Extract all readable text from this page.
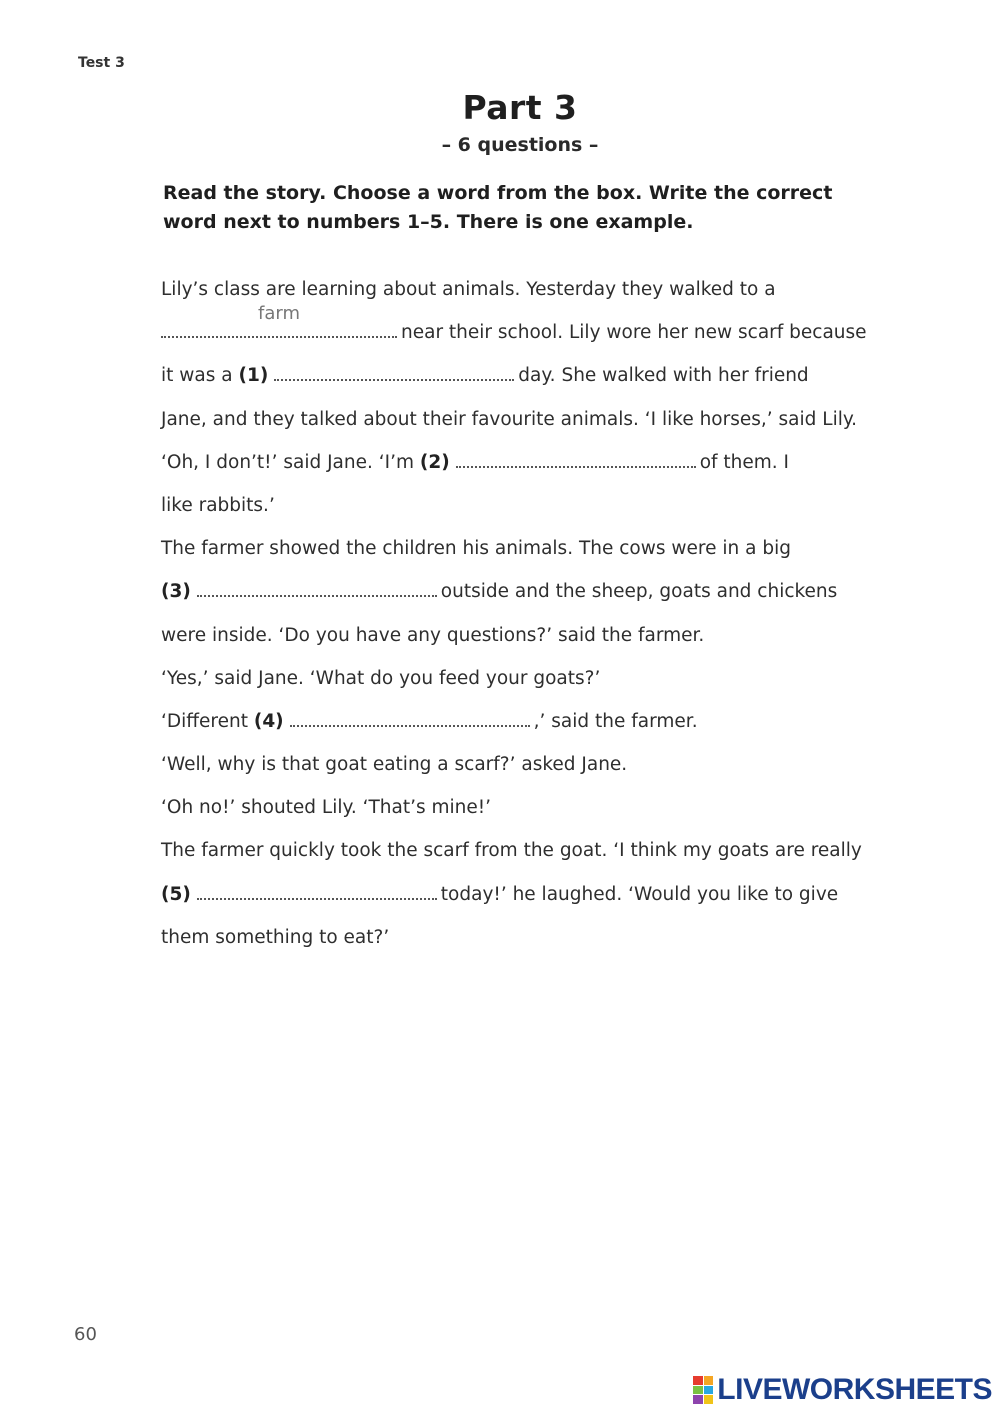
Test 3
Part 3
– 6 questions –
Read the story. Choose a word from the box. Write the correct
word next to numbers 1–5. There is one example.
Lily’s class are learning about animals. Yesterday they walked to a
farm
near their school. Lily wore her new scarf because
it was a (1)	day. She walked with her friend
Jane, and they talked about their favourite animals. ‘I like horses,’ said Lily.
‘Oh, I don’t!’ said Jane. ‘I’m (2)	of them. I
like rabbits.’
The farmer showed the children his animals. The cows were in a big
(3)	outside and the sheep, goats and chickens
were inside. ‘Do you have any questions?’ said the farmer.
‘Yes,’ said Jane. ‘What do you feed your goats?’
‘Different (4)	,’ said the farmer.
‘Well, why is that goat eating a scarf?’ asked Jane.
‘Oh no!’ shouted Lily. ‘That’s mine!’
The farmer quickly took the scarf from the goat. ‘I think my goats are really
(5)	today!’ he laughed. ‘Would you like to give
them something to eat?’
60
LIVEWORKSHEETS
